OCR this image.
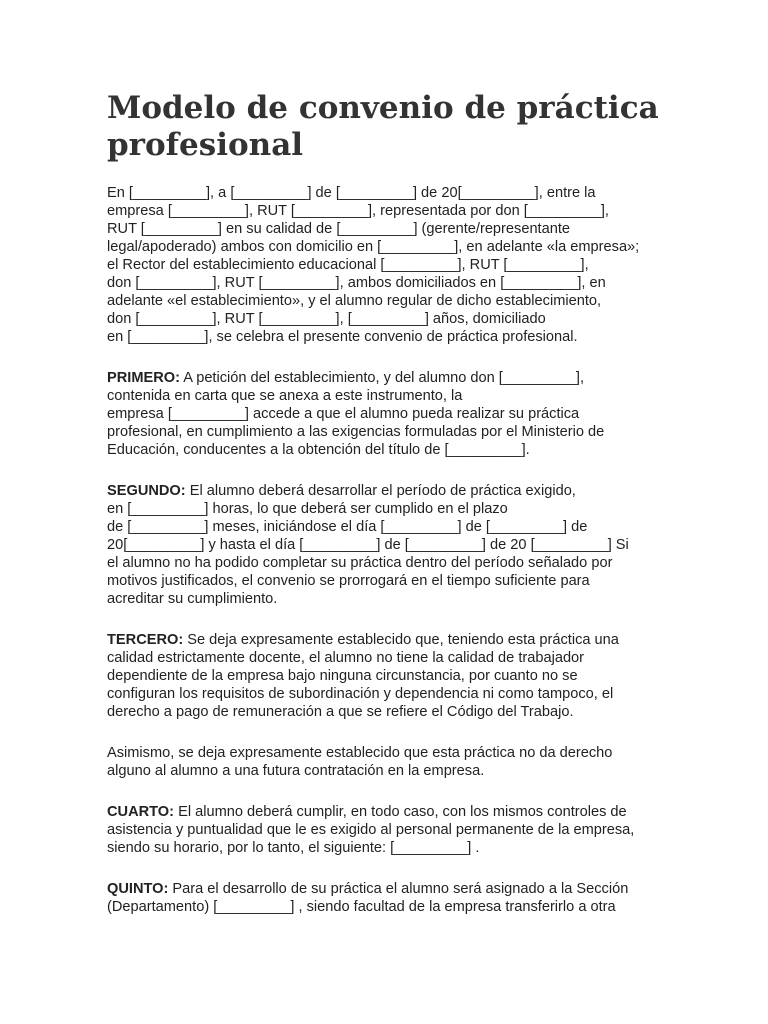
Modelo de convenio de práctica
profesional
En [_________], a [_________] de [_________] de 20[_________], entre la
empresa [_________], RUT [_________], representada por don [_________],
RUT [_________] en su calidad de [_________] (gerente/representante
legal/apoderado) ambos con domicilio en [_________], en adelante «la empresa»;
el Rector del establecimiento educacional [_________], RUT [_________],
don [_________], RUT [_________], ambos domiciliados en [_________], en
adelante «el establecimiento», y el alumno regular de dicho establecimiento,
don [_________], RUT [_________], [_________] años, domiciliado
en [_________], se celebra el presente convenio de práctica profesional.
PRIMERO: A petición del establecimiento, y del alumno don [_________],
contenida en carta que se anexa a este instrumento, la
empresa [_________] accede a que el alumno pueda realizar su práctica
profesional, en cumplimiento a las exigencias formuladas por el Ministerio de
Educación, conducentes a la obtención del título de [_________].
SEGUNDO: El alumno deberá desarrollar el período de práctica exigido,
en [_________] horas, lo que deberá ser cumplido en el plazo
de [_________] meses, iniciándose el día [_________] de [_________] de
20[_________] y hasta el día [_________] de [_________] de 20 [_________] Si
el alumno no ha podido completar su práctica dentro del período señalado por
motivos justificados, el convenio se prorrogará en el tiempo suficiente para
acreditar su cumplimiento.
TERCERO: Se deja expresamente establecido que, teniendo esta práctica una
calidad estrictamente docente, el alumno no tiene la calidad de trabajador
dependiente de la empresa bajo ninguna circunstancia, por cuanto no se
configuran los requisitos de subordinación y dependencia ni como tampoco, el
derecho a pago de remuneración a que se refiere el Código del Trabajo.
Asimismo, se deja expresamente establecido que esta práctica no da derecho
alguno al alumno a una futura contratación en la empresa.
CUARTO: El alumno deberá cumplir, en todo caso, con los mismos controles de
asistencia y puntualidad que le es exigido al personal permanente de la empresa,
siendo su horario, por lo tanto, el siguiente: [_________] .
QUINTO: Para el desarrollo de su práctica el alumno será asignado a la Sección
(Departamento) [_________] , siendo facultad de la empresa transferirlo a otra
